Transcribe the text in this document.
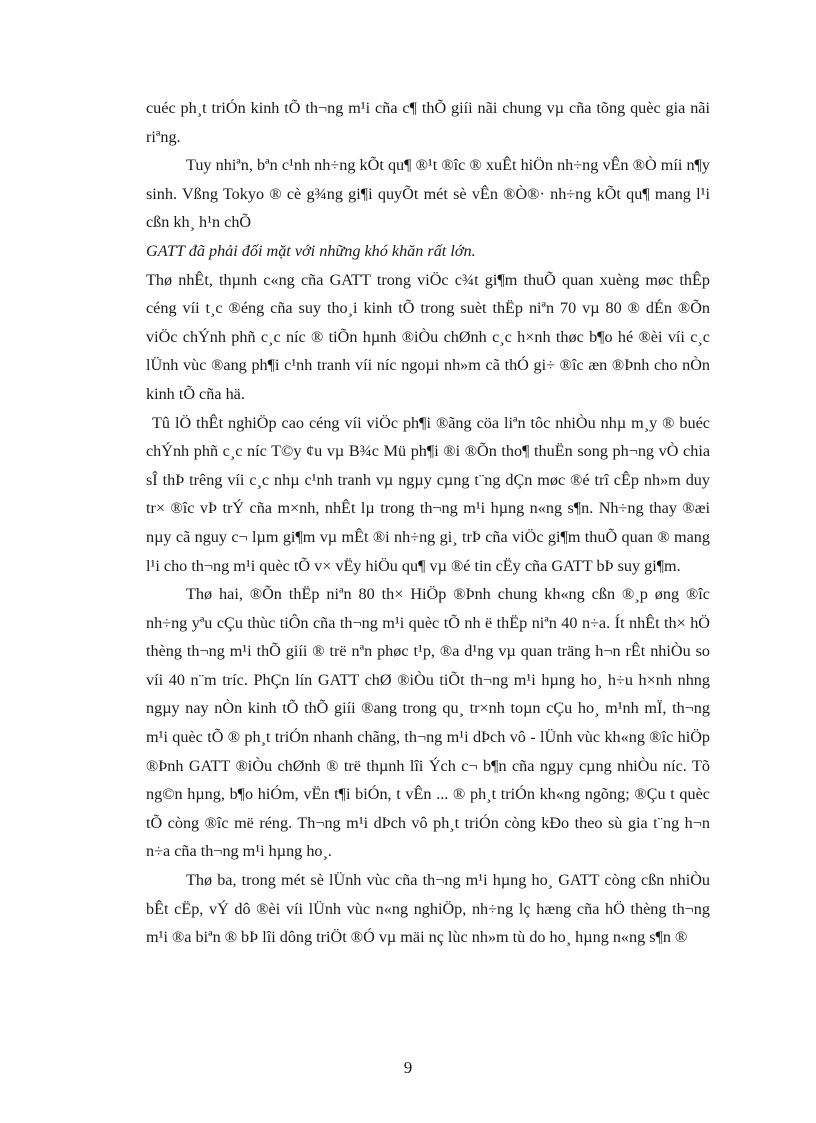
cuéc ph¸t triÓn kinh tÕ th¬ng m¹i cña c¶ thÕ giíi nãi chung vµ cña tõng quèc gia nãi riªng.

Tuy nhiªn, bªn c¹nh nh÷ng kÕt qu¶ ®¹t ®îc ® xuÊt hiÖn nh÷ng vÊn ®Ò míi n¶y sinh. Vßng Tokyo ® cè g¾ng gi¶i quyÕt mét sè vÊn ®Ò®· nh÷ng kÕt qu¶ mang l¹i cßn kh¸ h¹n chÕ

GATT đã phải đối mặt với những khó khăn rất lớn.

Thø nhÊt, thµnh c«ng cña GATT trong viÖc c¾t gi¶m thuÕ quan xuèng møc thÊp céng víi t¸c ®éng cña suy tho¸i kinh tÕ trong suèt thËp niªn 70 vµ 80 ® dÉn ®Õn viÖc chÝnh phñ c¸c níc ® tiÕn hµnh ®iÒu chØnh c¸c h×nh thøc b¶o hé ®èi víi c¸c lÜnh vùc ®ang ph¶i c¹nh tranh víi níc ngoµi nh»m cã thÓ gi÷ ®îc æn ®Þnh cho nÒn kinh tÕ cña hä.

Tû lÖ thÊt nghiÖp cao céng víi viÖc ph¶i ®ãng cöa liªn tôc nhiÒu nhµ m¸y ® buéc chÝnh phñ c¸c níc T©y ¢u vµ B¾c Mü ph¶i ®i ®Õn tho¶ thuËn song ph¬ng vÒ chia sÎ thÞ trêng víi c¸c nhµ c¹nh tranh vµ ngµy cµng t¨ng dÇn møc ®é trî cÊp nh»m duy tr× ®îc vÞ trÝ cña m×nh, nhÊt lµ trong th¬ng m¹i hµng n«ng s¶n. Nh÷ng thay ®æi nµy cã nguy c¬ lµm gi¶m vµ mÊt ®i nh÷ng gi¸ trÞ cña viÖc gi¶m thuÕ quan ® mang l¹i cho th¬ng m¹i quèc tÕ v× vËy hiÖu qu¶ vµ ®é tin cËy cña GATT bÞ suy gi¶m.

Thø hai, ®Õn thËp niªn 80 th× HiÖp ®Þnh chung kh«ng cßn ®¸p øng ®îc nh÷ng yªu cÇu thùc tiÔn cña th¬ng m¹i quèc tÕ nh ë thËp niªn 40 n÷a. Ít nhÊt th× hÖ thèng th¬ng m¹i thÕ giíi ® trë nªn phøc t¹p, ®a d¹ng vµ quan träng h¬n rÊt nhiÒu so víi 40 n¨m tríc. PhÇn lín GATT chØ ®iÒu tiÕt th¬ng m¹i hµng ho¸ h÷u h×nh nhng ngµy nay nÒn kinh tÕ thÕ giíi ®ang trong qu¸ tr×nh toµn cÇu ho¸ m¹nh mÏ, th¬ng m¹i quèc tÕ ® ph¸t triÓn nhanh chãng, th¬ng m¹i dÞch vô - lÜnh vùc kh«ng ®îc hiÖp ®Þnh GATT ®iÒu chØnh ® trë thµnh lîi Ých c¬ b¶n cña ngµy cµng nhiÒu níc. Tõ ng©n hµng, b¶o hiÓm, vËn t¶i biÓn, t vÊn ... ® ph¸t triÓn kh«ng ngõng; ®Çu t quèc tÕ còng ®îc më réng. Th¬ng m¹i dÞch vô ph¸t triÓn còng kÐo theo sù gia t¨ng h¬n n÷a cña th¬ng m¹i hµng ho¸.

Thø ba, trong mét sè lÜnh vùc cña th¬ng m¹i hµng ho¸ GATT còng cßn nhiÒu bÊt cËp, vÝ dô ®èi víi lÜnh vùc n«ng nghiÖp, nh÷ng lç hæng cña hÖ thèng th¬ng m¹i ®a biªn ® bÞ lîi dông triÖt ®Ó vµ mäi nç lùc nh»m tù do ho¸ hµng n«ng s¶n ®

9
